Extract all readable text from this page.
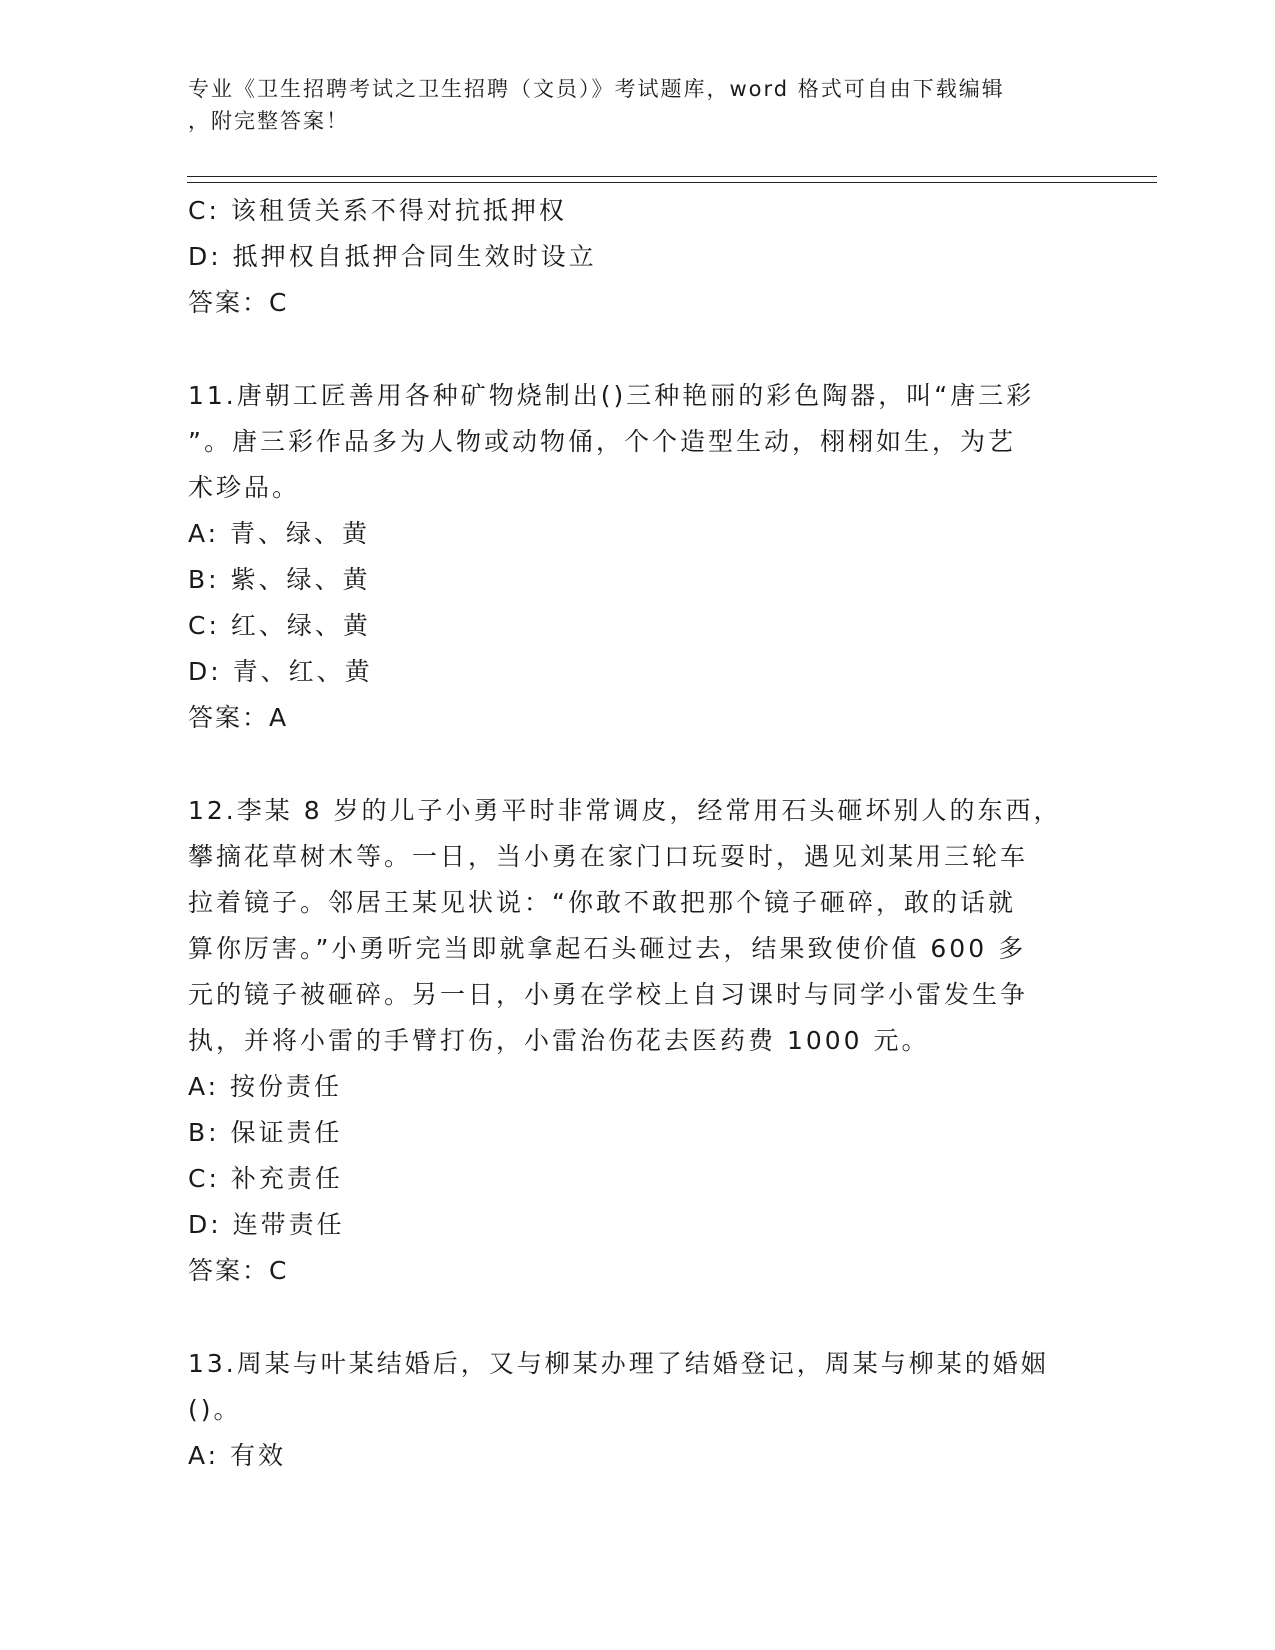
专业《卫生招聘考试之卫生招聘（文员）》考试题库，word 格式可自由下载编辑
，附完整答案！
C: 该租赁关系不得对抗抵押权
D: 抵押权自抵押合同生效时设立
答案：C
11.唐朝工匠善用各种矿物烧制出()三种艳丽的彩色陶器，叫“唐三彩
”。唐三彩作品多为人物或动物俑，个个造型生动，栩栩如生，为艺
术珍品。
A: 青、绿、黄
B: 紫、绿、黄
C: 红、绿、黄
D: 青、红、黄
答案：A
12.李某 8 岁的儿子小勇平时非常调皮，经常用石头砸坏别人的东西，
攀摘花草树木等。一日，当小勇在家门口玩耍时，遇见刘某用三轮车
拉着镜子。邻居王某见状说：“你敢不敢把那个镜子砸碎，敢的话就
算你厉害。”小勇听完当即就拿起石头砸过去，结果致使价值 600 多
元的镜子被砸碎。另一日，小勇在学校上自习课时与同学小雷发生争
执，并将小雷的手臂打伤，小雷治伤花去医药费 1000 元。
A: 按份责任
B: 保证责任
C: 补充责任
D: 连带责任
答案：C
13.周某与叶某结婚后，又与柳某办理了结婚登记，周某与柳某的婚姻
()。
A: 有效
